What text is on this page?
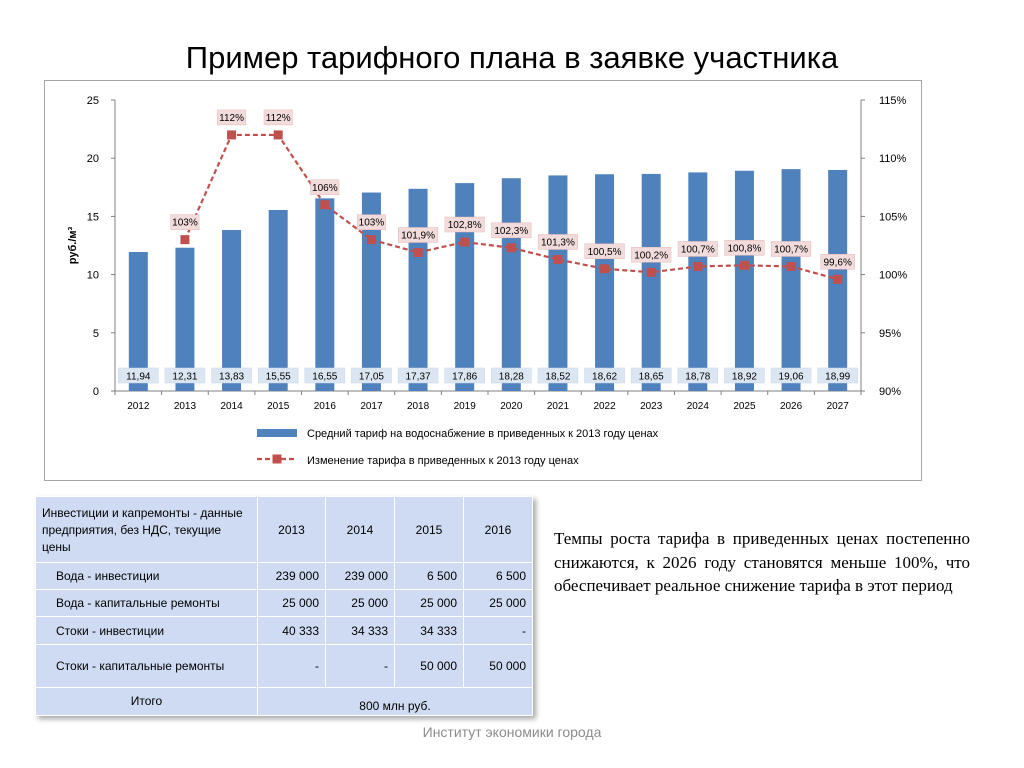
Пример тарифного плана в заявке участника
0
5
10
15
20
25
90%
95%
100%
105%
110%
115%
2012 2013 2014 2015 2016 2017 2018 2019 2020 2021 2022 2023 2024 2025 2026 2027
руб./м³
11,94 12,31 13,83 15,55 16,55 17,05 17,37 17,86 18,28 18,52 18,62 18,65 18,78 18,92 19,06 18,99
103%
112% 112%
106%
103%
101,9%
102,8%
102,3%
101,3%
100,5% 100,2%
100,7% 100,8% 100,7%
99,6%
Средний тариф на водоснабжение в приведенных к 2013 году ценах
Изменение тарифа в приведенных к 2013 году ценах
Инвестиции и капремонты - данные предприятия, без НДС, текущие цены	2013	2014	2015	2016
Вода - инвестиции	239 000	239 000	6 500	6 500
Вода - капитальные ремонты	25 000	25 000	25 000	25 000
Стоки - инвестиции	40 333	34 333	34 333	-
Стоки - капитальные ремонты	-	-	50 000	50 000
Итого	800 млн руб.			
Темпы роста тарифа в приведенных ценах постепенно снижаются, к 2026 году становятся меньше 100%, что обеспечивает реальное снижение тарифа в этот период
Институт экономики города
